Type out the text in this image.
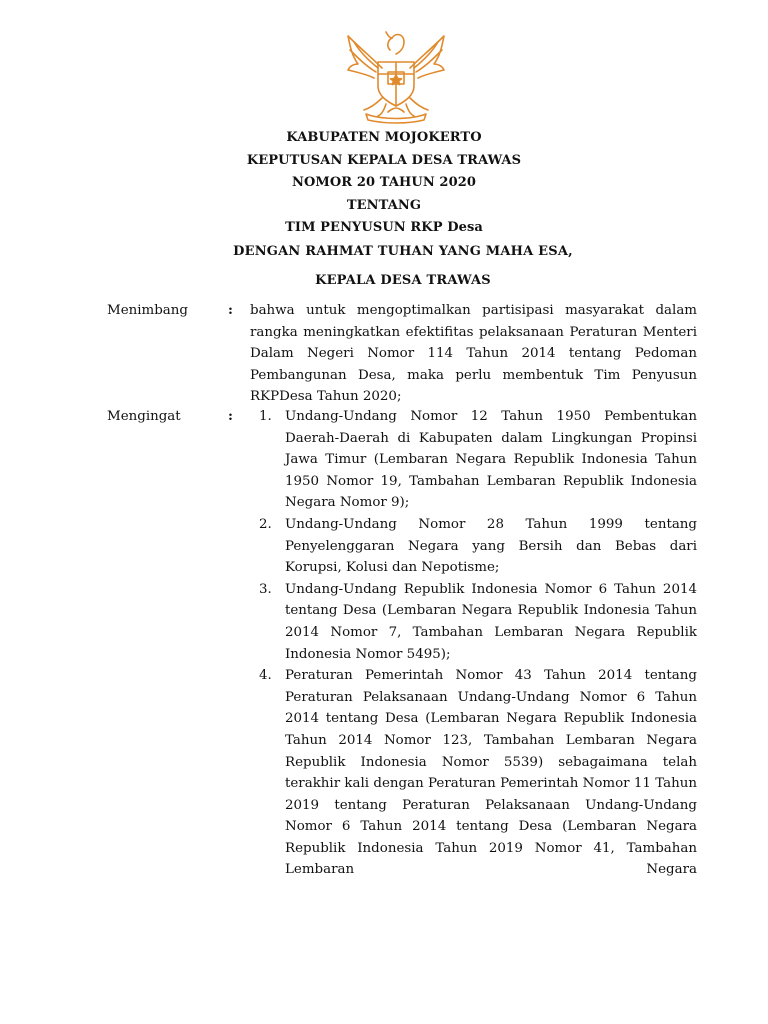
KABUPATEN MOJOKERTO
KEPUTUSAN KEPALA DESA TRAWAS
NOMOR 20 TAHUN 2020
TENTANG
TIM PENYUSUN RKP Desa
DENGAN RAHMAT TUHAN YANG MAHA ESA,
KEPALA DESA TRAWAS
Menimbang	: bahwa untuk mengoptimalkan partisipasi masyarakat dalam rangka meningkatkan efektifitas pelaksanaan Peraturan Menteri Dalam Negeri Nomor 114 Tahun 2014 tentang Pedoman Pembangunan Desa, maka perlu membentuk Tim Penyusun RKPDesa Tahun 2020;
Mengingat	: 1. Undang-Undang Nomor 12 Tahun 1950 Pembentukan Daerah-Daerah di Kabupaten dalam Lingkungan Propinsi Jawa Timur (Lembaran Negara Republik Indonesia Tahun 1950 Nomor 19, Tambahan Lembaran Republik Indonesia Negara Nomor 9);
2. Undang-Undang Nomor 28 Tahun 1999 tentang Penyelenggaran Negara yang Bersih dan Bebas dari Korupsi, Kolusi dan Nepotisme;
3. Undang-Undang Republik Indonesia Nomor 6 Tahun 2014 tentang Desa (Lembaran Negara Republik Indonesia Tahun 2014 Nomor 7, Tambahan Lembaran Negara Republik Indonesia Nomor 5495);
4. Peraturan Pemerintah Nomor 43 Tahun 2014 tentang Peraturan Pelaksanaan Undang-Undang Nomor 6 Tahun 2014 tentang Desa (Lembaran Negara Republik Indonesia Tahun 2014 Nomor 123, Tambahan Lembaran Negara Republik Indonesia Nomor 5539) sebagaimana telah terakhir kali dengan Peraturan Pemerintah Nomor 11 Tahun 2019 tentang Peraturan Pelaksanaan Undang-Undang Nomor 6 Tahun 2014 tentang Desa (Lembaran Negara Republik Indonesia Tahun 2019 Nomor 41, Tambahan Lembaran Negara
